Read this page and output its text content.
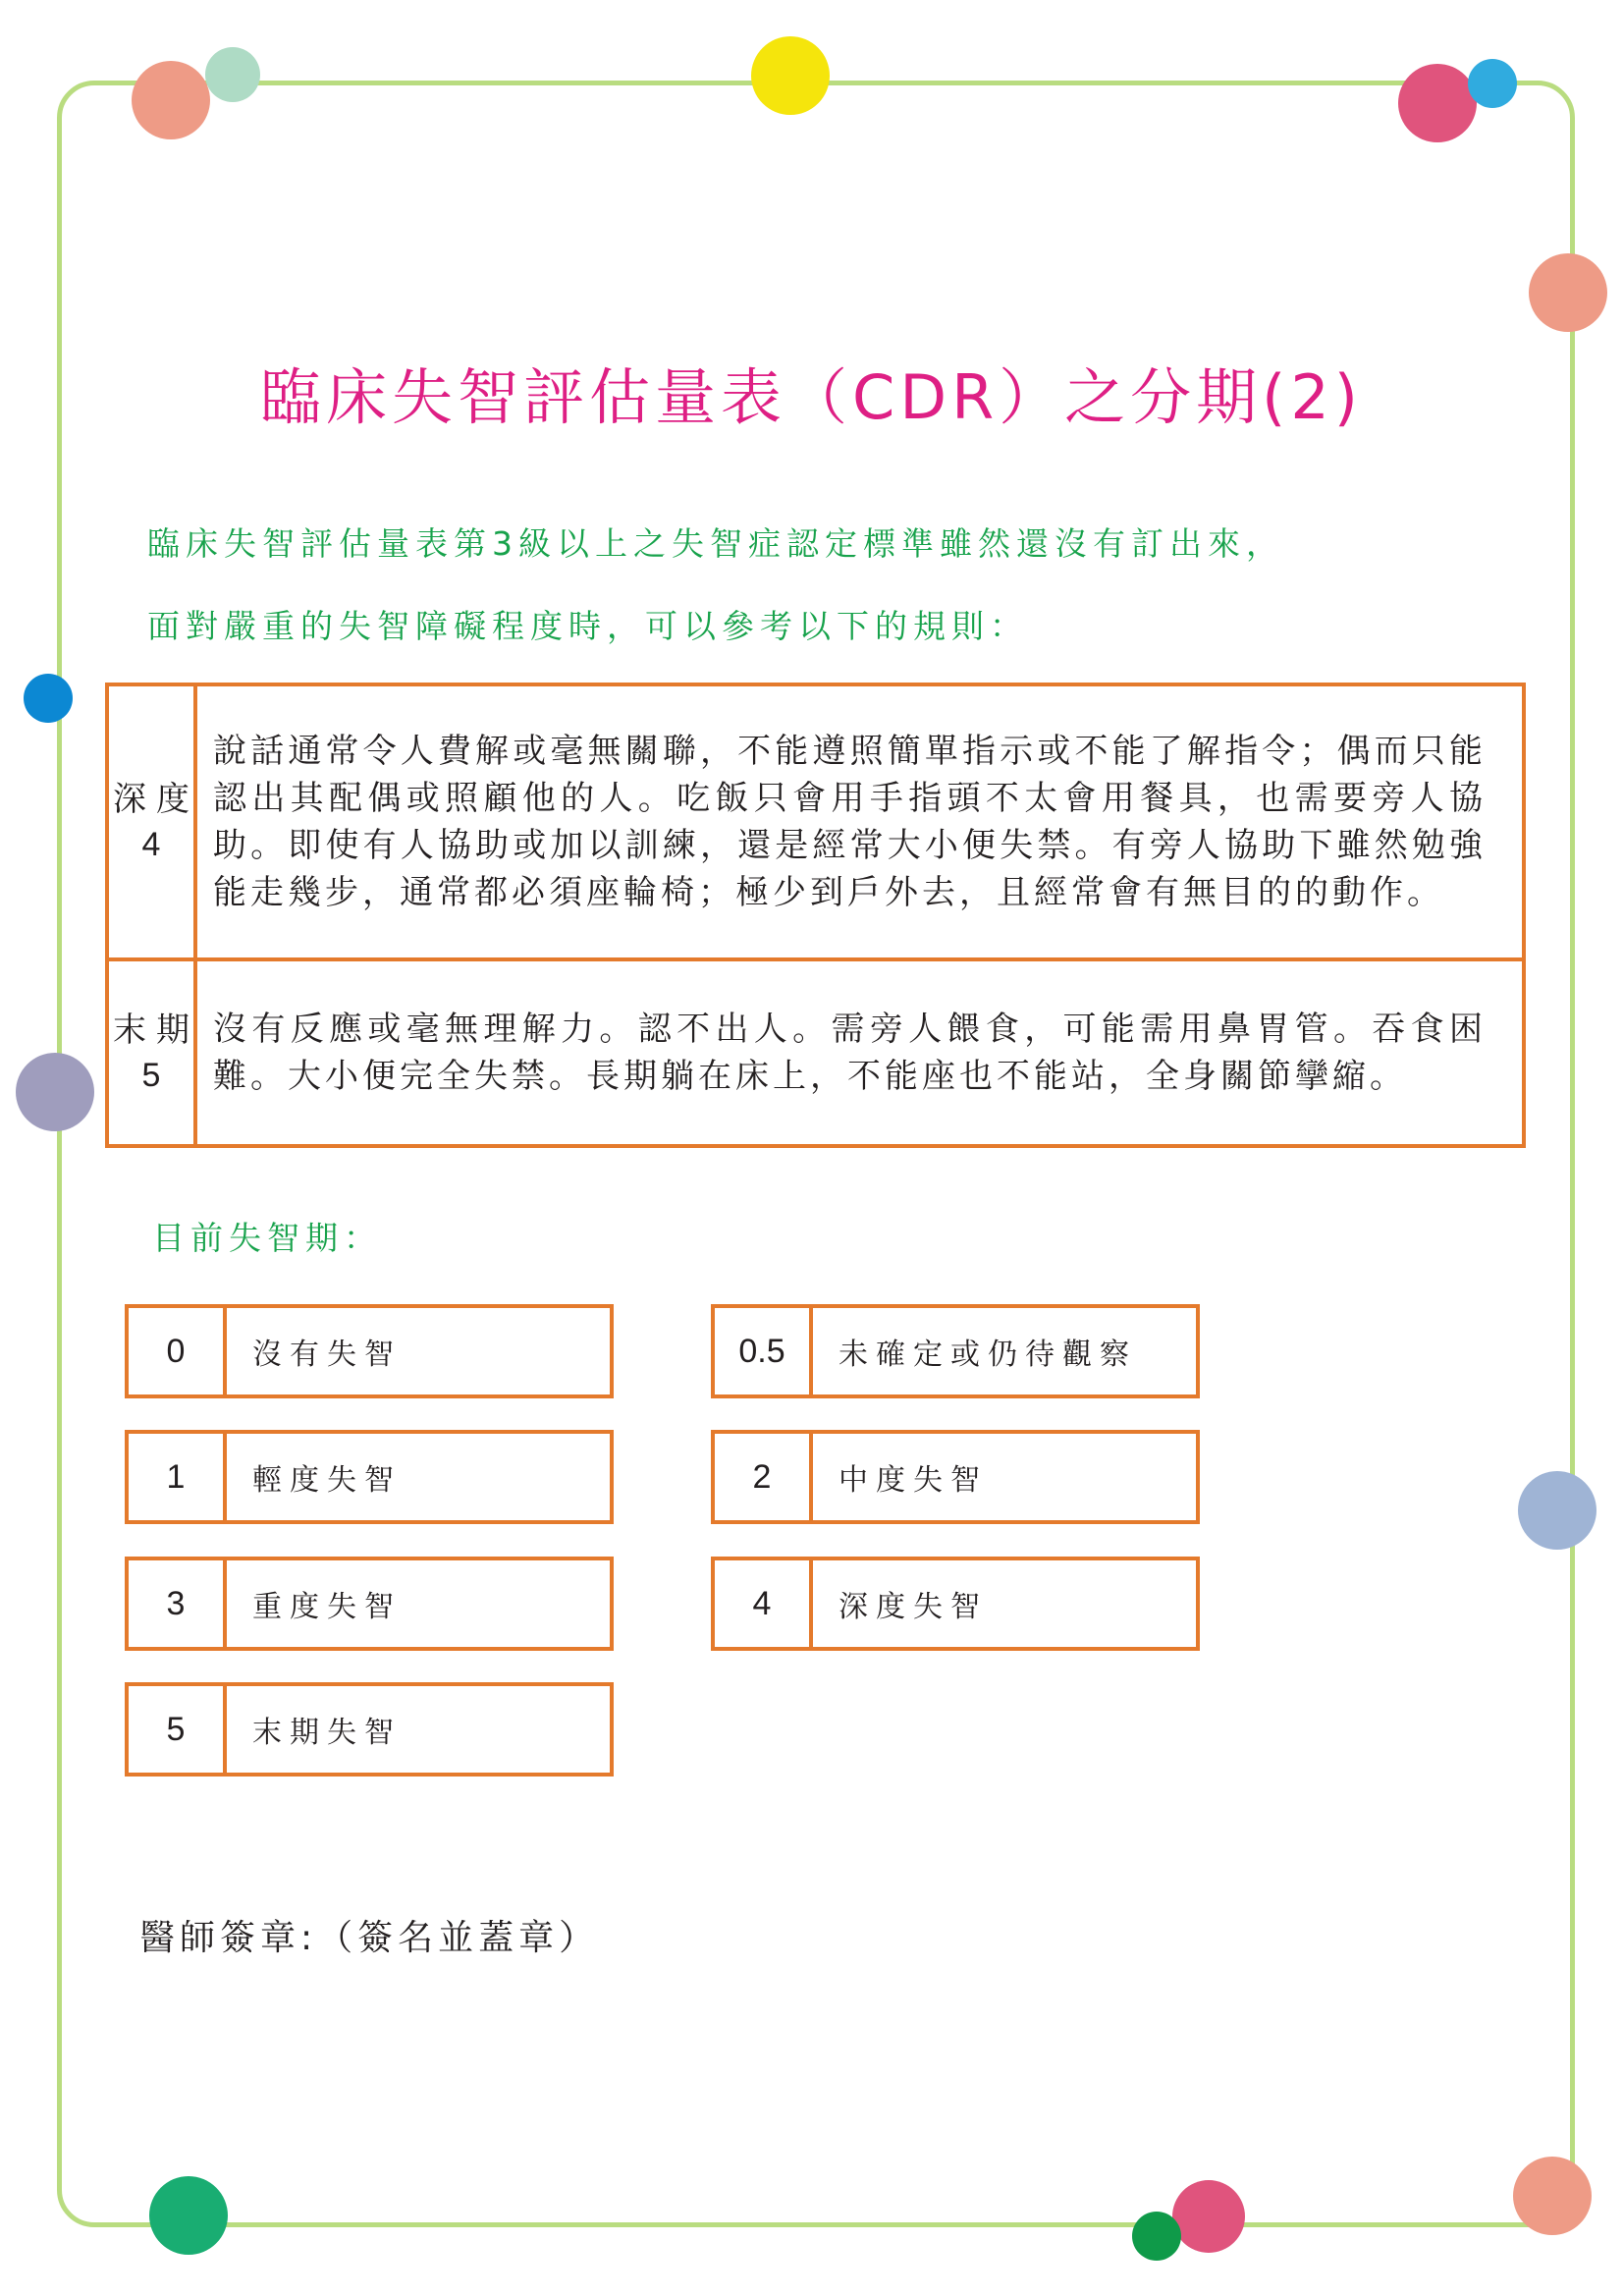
臨床失智評估量表（CDR）之分期(2)
臨床失智評估量表第3級以上之失智症認定標準雖然還沒有訂出來，
面對嚴重的失智障礙程度時，可以參考以下的規則：
深度
4	說話通常令人費解或毫無關聯，不能遵照簡單指示或不能了解指令；偶而只能認出其配偶或照顧他的人。吃飯只會用手指頭不太會用餐具，也需要旁人協助。即使有人協助或加以訓練，還是經常大小便失禁。有旁人協助下雖然勉強能走幾步，通常都必須座輪椅；極少到戶外去，且經常會有無目的的動作。

末期
5	沒有反應或毫無理解力。認不出人。需旁人餵食，可能需用鼻胃管。吞食困難。大小便完全失禁。長期躺在床上，不能座也不能站，全身關節攣縮。
目前失智期：
0	沒有失智	0.5	未確定或仍待觀察
1	輕度失智	2	中度失智
3	重度失智	4	深度失智
5	末期失智
醫師簽章:（簽名並蓋章）
